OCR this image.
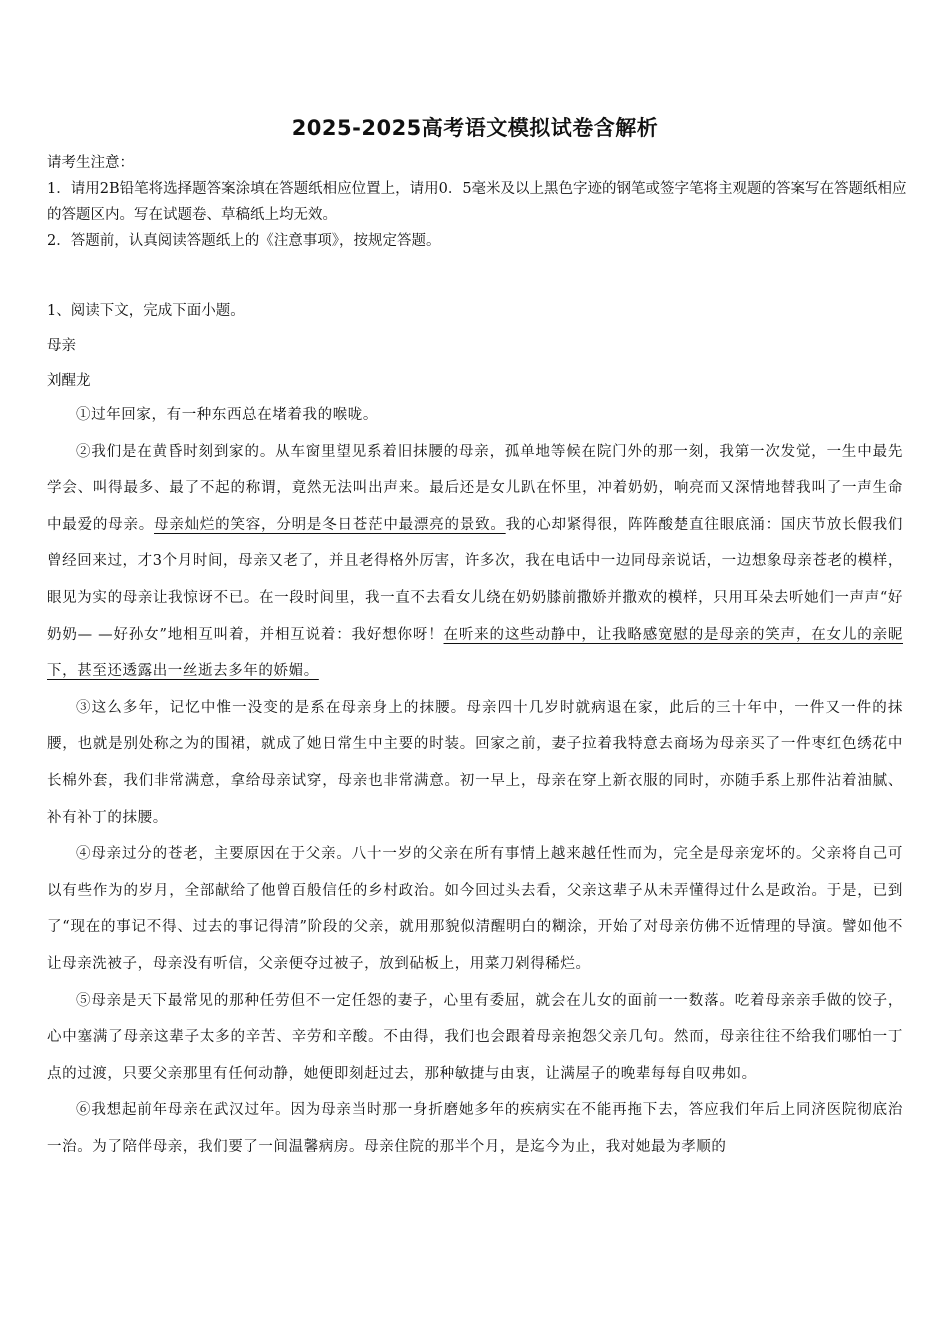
2025-2025高考语文模拟试卷含解析
请考生注意：
1．请用2B铅笔将选择题答案涂填在答题纸相应位置上，请用0．5毫米及以上黑色字迹的钢笔或签字笔将主观题的答案写在答题纸相应的答题区内。写在试题卷、草稿纸上均无效。
2．答题前，认真阅读答题纸上的《注意事项》，按规定答题。
1、阅读下文，完成下面小题。
母亲
刘醒龙

①过年回家，有一种东西总在堵着我的喉咙。

②我们是在黄昏时刻到家的。从车窗里望见系着旧抹腰的母亲，孤单地等候在院门外的那一刻，我第一次发觉，一生中最先学会、叫得最多、最了不起的称谓，竟然无法叫出声来。最后还是女儿趴在怀里，冲着奶奶，响亮而又深情地替我叫了一声生命中最爱的母亲。母亲灿烂的笑容，分明是冬日苍茫中最漂亮的景致。我的心却紧得很，阵阵酸楚直往眼底涌：国庆节放长假我们曾经回来过，才3个月时间，母亲又老了，并且老得格外厉害，许多次，我在电话中一边同母亲说话，一边想象母亲苍老的模样，眼见为实的母亲让我惊讶不已。在一段时间里，我一直不去看女儿绕在奶奶膝前撒娇并撒欢的模样，只用耳朵去听她们一声声“好奶奶— —好孙女”地相互叫着，并相互说着：我好想你呀！在听来的这些动静中，让我略感宽慰的是母亲的笑声，在女儿的亲昵下，甚至还透露出一丝逝去多年的娇媚。

③这么多年，记忆中惟一没变的是系在母亲身上的抹腰。母亲四十几岁时就病退在家，此后的三十年中，一件又一件的抹腰，也就是别处称之为的围裙，就成了她日常生中主要的时装。回家之前，妻子拉着我特意去商场为母亲买了一件枣红色绣花中长棉外套，我们非常满意，拿给母亲试穿，母亲也非常满意。初一早上，母亲在穿上新衣服的同时，亦随手系上那件沾着油腻、补有补丁的抹腰。

④母亲过分的苍老，主要原因在于父亲。八十一岁的父亲在所有事情上越来越任性而为，完全是母亲宠坏的。父亲将自己可以有些作为的岁月，全部献给了他曾百般信任的乡村政治。如今回过头去看，父亲这辈子从未弄懂得过什么是政治。于是，已到了“现在的事记不得、过去的事记得清”阶段的父亲，就用那貌似清醒明白的糊涂，开始了对母亲仿佛不近情理的导演。譬如他不让母亲洗被子，母亲没有听信，父亲便夺过被子，放到砧板上，用菜刀剁得稀烂。

⑤母亲是天下最常见的那种任劳但不一定任怨的妻子，心里有委屈，就会在儿女的面前一一数落。吃着母亲亲手做的饺子，心中塞满了母亲这辈子太多的辛苦、辛劳和辛酸。不由得，我们也会跟着母亲抱怨父亲几句。然而，母亲往往不给我们哪怕一丁点的过渡，只要父亲那里有任何动静，她便即刻赶过去，那种敏捷与由衷，让满屋子的晚辈每每自叹弗如。

⑥我想起前年母亲在武汉过年。因为母亲当时那一身折磨她多年的疾病实在不能再拖下去，答应我们年后上同济医院彻底治一治。为了陪伴母亲，我们要了一间温馨病房。母亲住院的那半个月，是迄今为止，我对她最为孝顺的
